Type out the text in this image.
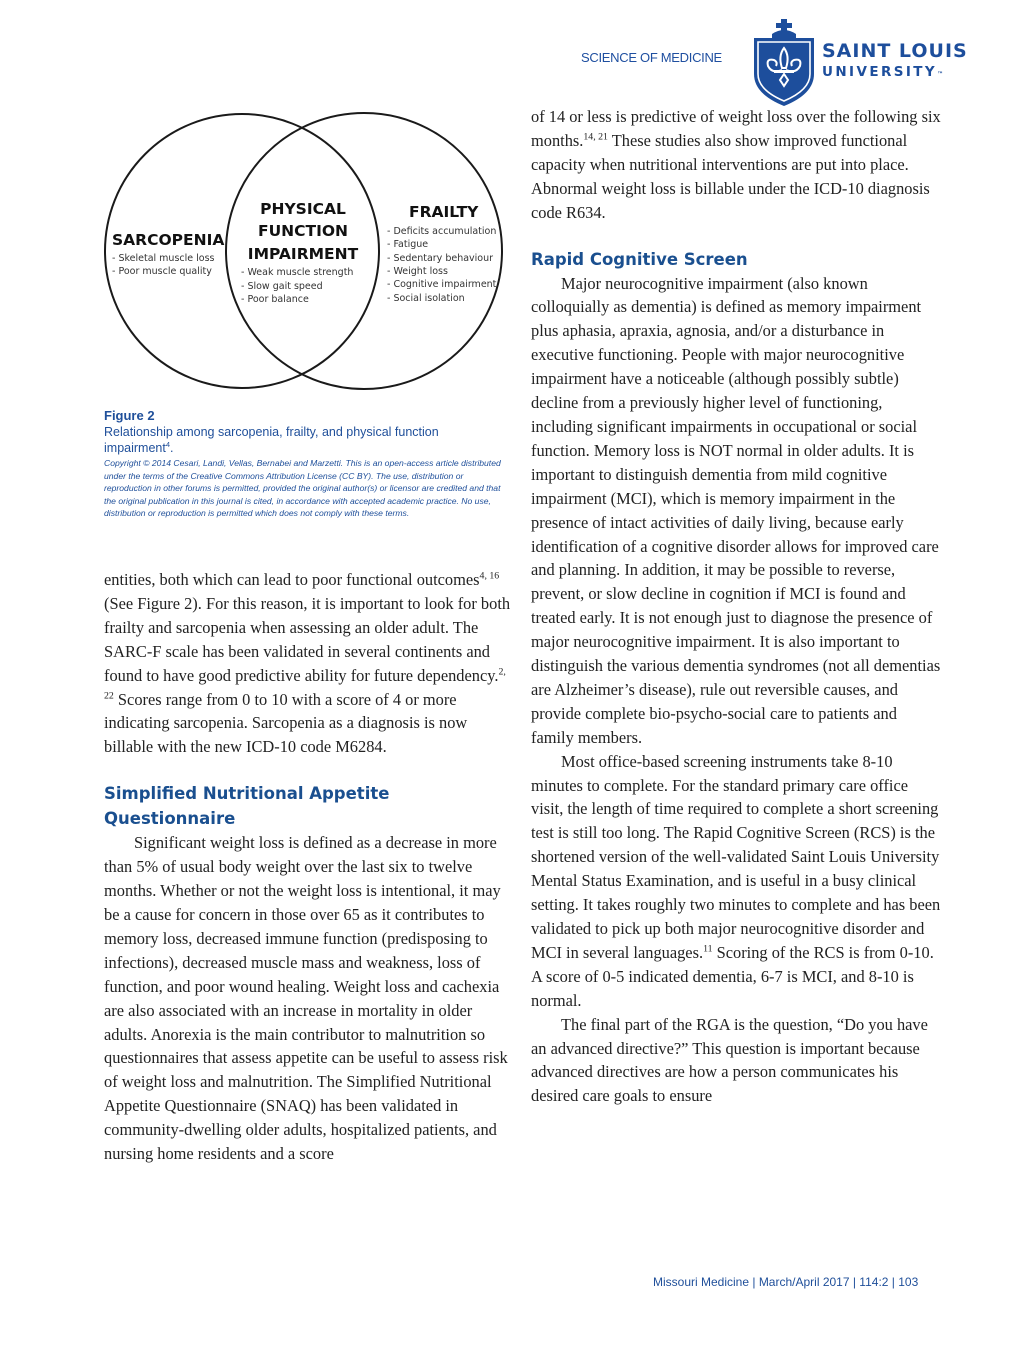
SCIENCE OF MEDICINE	SAINT LOUIS
UNIVERSITY™
SARCOPENIA
- Skeletal muscle loss
- Poor muscle quality
PHYSICAL
FUNCTION
IMPAIRMENT
- Weak muscle strength
- Slow gait speed
- Poor balance
FRAILTY
- Deficits accumulation
- Fatigue
- Sedentary behaviour
- Weight loss
- Cognitive impairment
- Social isolation
Figure 2
Relationship among sarcopenia, frailty, and physical function impairment$^4$.
Copyright © 2014 Cesari, Landi, Vellas, Bernabei and Marzetti. This is an open-access article distributed under the terms of the Creative Commons Attribution License (CC BY). The use, distribution or reproduction in other forums is permitted, provided the original author(s) or licensor are credited and that the original publication in this journal is cited, in accordance with accepted academic practice. No use, distribution or reproduction is permitted which does not comply with these terms.

entities, both which can lead to poor functional outcomes$^{4, 16}$ (See Figure 2). For this reason, it is important to look for both frailty and sarcopenia when assessing an older adult. The SARC-F scale has been validated in several continents and found to have good predictive ability for future dependency.$^{2, 22}$ Scores range from 0 to 10 with a score of 4 or more indicating sarcopenia. Sarcopenia as a diagnosis is now billable with the new ICD-10 code M6284.

Simplified Nutritional Appetite Questionnaire

Significant weight loss is defined as a decrease in more than 5% of usual body weight over the last six to twelve months. Whether or not the weight loss is intentional, it may be a cause for concern in those over 65 as it contributes to memory loss, decreased immune function (predisposing to infections), decreased muscle mass and weakness, loss of function, and poor wound healing. Weight loss and cachexia are also associated with an increase in mortality in older adults. Anorexia is the main contributor to malnutrition so questionnaires that assess appetite can be useful to assess risk of weight loss and malnutrition. The Simplified Nutritional Appetite Questionnaire (SNAQ) has been validated in community-dwelling older adults, hospitalized patients, and nursing home residents and a score

of 14 or less is predictive of weight loss over the following six months.$^{14, 21}$ These studies also show improved functional capacity when nutritional interventions are put into place. Abnormal weight loss is billable under the ICD-10 diagnosis code R634.

Rapid Cognitive Screen

Major neurocognitive impairment (also known colloquially as dementia) is defined as memory impairment plus aphasia, apraxia, agnosia, and/or a disturbance in executive functioning. People with major neurocognitive impairment have a noticeable (although possibly subtle) decline from a previously higher level of functioning, including significant impairments in occupational or social function. Memory loss is NOT normal in older adults. It is important to distinguish dementia from mild cognitive impairment (MCI), which is memory impairment in the presence of intact activities of daily living, because early identification of a cognitive disorder allows for improved care and planning. In addition, it may be possible to reverse, prevent, or slow decline in cognition if MCI is found and treated early. It is not enough just to diagnose the presence of major neurocognitive impairment. It is also important to distinguish the various dementia syndromes (not all dementias are Alzheimer’s disease), rule out reversible causes, and provide complete bio-psycho-social care to patients and family members.

Most office-based screening instruments take 8-10 minutes to complete. For the standard primary care office visit, the length of time required to complete a short screening test is still too long. The Rapid Cognitive Screen (RCS) is the shortened version of the well-validated Saint Louis University Mental Status Examination, and is useful in a busy clinical setting. It takes roughly two minutes to complete and has been validated to pick up both major neurocognitive disorder and MCI in several languages.$^{11}$ Scoring of the RCS is from 0-10. A score of 0-5 indicated dementia, 6-7 is MCI, and 8-10 is normal.

The final part of the RGA is the question, “Do you have an advanced directive?” This question is important because advanced directives are how a person communicates his desired care goals to ensure

Missouri Medicine | March/April 2017 | 114:2 | 103
